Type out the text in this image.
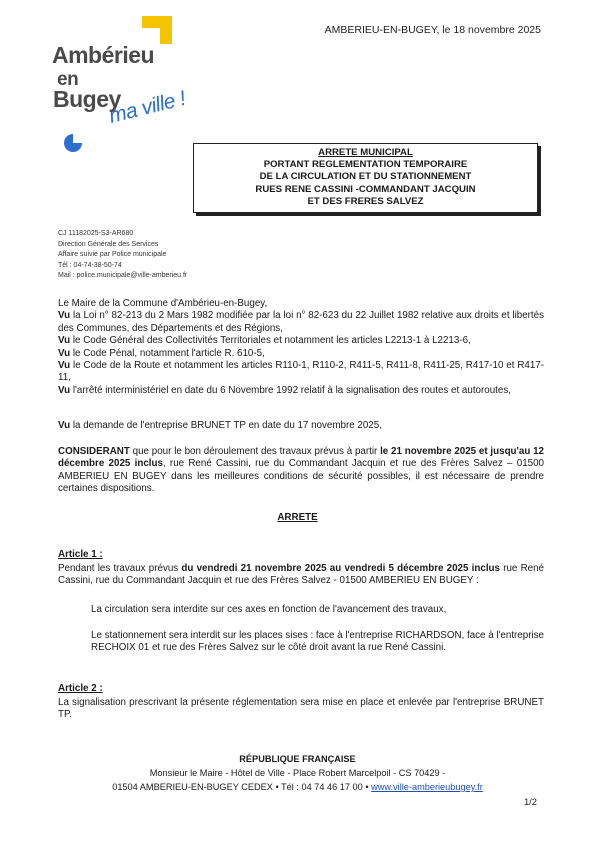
Ambérieu
en
Bugey
ma ville !
AMBERIEU-EN-BUGEY, le 18 novembre 2025
ARRETE MUNICIPAL
PORTANT REGLEMENTATION TEMPORAIRE
DE LA CIRCULATION ET DU STATIONNEMENT
RUES RENE CASSINI -COMMANDANT JACQUIN
ET DES FRERES SALVEZ
CJ 11182025-S3-AR680
Direction Générale des Services
Affaire suivie par Police municipale
Tél : 04-74-38-50-74
Mail : police.municipale@ville-amberieu.fr
Le Maire de la Commune d'Ambérieu-en-Bugey,
Vu la Loi n° 82-213 du 2 Mars 1982 modifiée par la loi n° 82-623 du 22 Juillet 1982 relative aux droits et libertés des Communes, des Départements et des Régions,
Vu le Code Général des Collectivités Territoriales et notamment les articles L2213-1 à L2213-6,
Vu le Code Pénal, notamment l'article R. 610-5,
Vu le Code de la Route et notamment les articles R110-1, R110-2, R411-5, R411-8, R411-25, R417-10 et R417-11,
Vu l'arrêté interministériel en date du 6 Novembre 1992 relatif à la signalisation des routes et autoroutes,
Vu la demande de l'entreprise BRUNET TP en date du 17 novembre 2025,
CONSIDERANT que pour le bon déroulement des travaux prévus à partir le 21 novembre 2025 et jusqu'au 12 décembre 2025 inclus, rue René Cassini, rue du Commandant Jacquin et rue des Frères Salvez – 01500 AMBERIEU EN BUGEY dans les meilleures conditions de sécurité possibles, il est nécessaire de prendre certaines dispositions.
ARRETE
Article 1 :
Pendant les travaux prévus du vendredi 21 novembre 2025 au vendredi 5 décembre 2025 inclus rue René Cassini, rue du Commandant Jacquin et rue des Frères Salvez - 01500 AMBERIEU EN BUGEY :
La circulation sera interdite sur ces axes en fonction de l'avancement des travaux,
Le stationnement sera interdit sur les places sises : face à l'entreprise RICHARDSON, face à l'entreprise RECHOIX 01 et rue des Frères Salvez sur le côté droit avant la rue René Cassini.
Article 2 :
La signalisation prescrivant la présente réglementation sera mise en place et enlevée par l'entreprise BRUNET TP.
RÉPUBLIQUE FRANÇAISE
Monsieur le Maire - Hôtel de Ville - Place Robert Marcelpoil - CS 70429 -
01504 AMBERIEU-EN-BUGEY CEDEX • Tél : 04 74 46 17 00 • www.ville-amberieubugey.fr
1/2
